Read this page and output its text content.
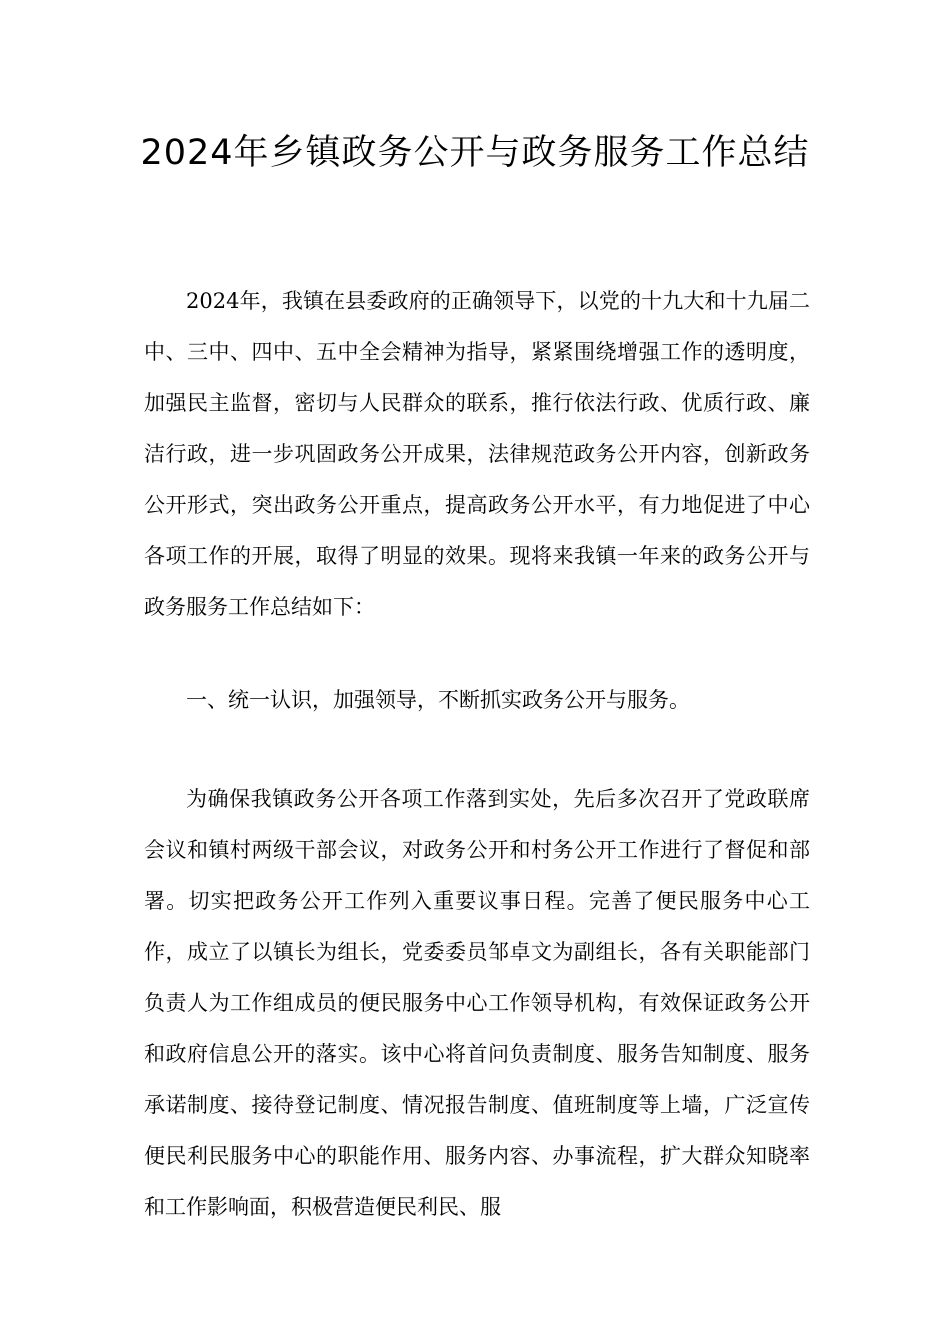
2024年乡镇政务公开与政务服务工作总结

2024年，我镇在县委政府的正确领导下，以党的十九大和十九届二中、三中、四中、五中全会精神为指导，紧紧围绕增强工作的透明度，加强民主监督，密切与人民群众的联系，推行依法行政、优质行政、廉洁行政，进一步巩固政务公开成果，法律规范政务公开内容，创新政务公开形式，突出政务公开重点，提高政务公开水平，有力地促进了中心各项工作的开展，取得了明显的效果。现将来我镇一年来的政务公开与政务服务工作总结如下：

一、统一认识，加强领导，不断抓实政务公开与服务。

为确保我镇政务公开各项工作落到实处，先后多次召开了党政联席会议和镇村两级干部会议，对政务公开和村务公开工作进行了督促和部署。切实把政务公开工作列入重要议事日程。完善了便民服务中心工作，成立了以镇长为组长，党委委员邹卓文为副组长，各有关职能部门负责人为工作组成员的便民服务中心工作领导机构，有效保证政务公开和政府信息公开的落实。该中心将首问负责制度、服务告知制度、服务承诺制度、接待登记制度、情况报告制度、值班制度等上墙，广泛宣传便民利民服务中心的职能作用、服务内容、办事流程，扩大群众知晓率和工作影响面，积极营造便民利民、服
